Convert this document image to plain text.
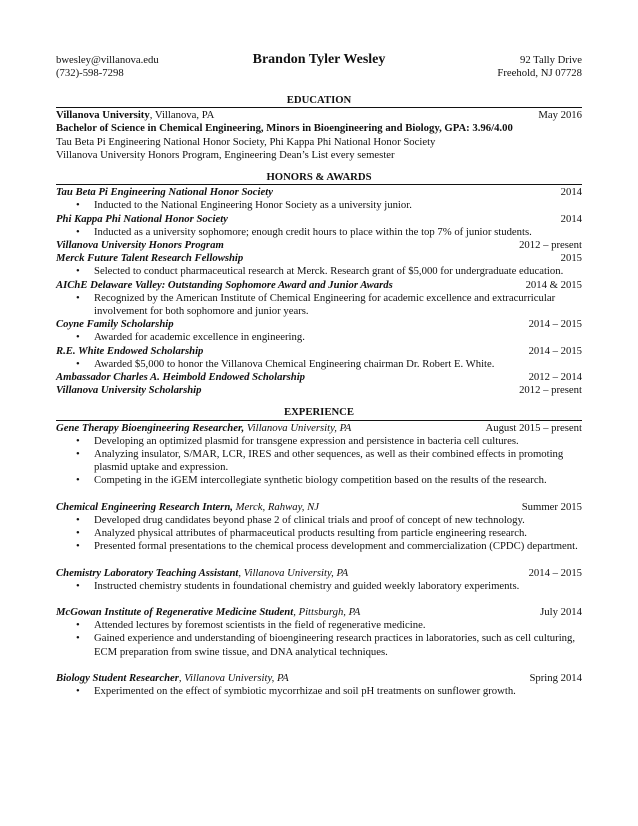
bwesley@villanova.edu
(732)-598-7298
Brandon Tyler Wesley	92 Tally Drive
Freehold, NJ 07728
EDUCATION
Villanova University, Villanova, PA	May 2016
Bachelor of Science in Chemical Engineering, Minors in Bioengineering and Biology, GPA: 3.96/4.00
Tau Beta Pi Engineering National Honor Society, Phi Kappa Phi National Honor Society
Villanova University Honors Program, Engineering Dean’s List every semester
HONORS & AWARDS
Tau Beta Pi Engineering National Honor Society	2014
• Inducted to the National Engineering Honor Society as a university junior.
Phi Kappa Phi National Honor Society	2014
• Inducted as a university sophomore; enough credit hours to place within the top 7% of junior students.
Villanova University Honors Program	2012 – present
Merck Future Talent Research Fellowship	2015
• Selected to conduct pharmaceutical research at Merck. Research grant of $5,000 for undergraduate education.
AIChE Delaware Valley: Outstanding Sophomore Award and Junior Awards	2014 & 2015
• Recognized by the American Institute of Chemical Engineering for academic excellence and extracurricular involvement for both sophomore and junior years.
Coyne Family Scholarship	2014 – 2015
• Awarded for academic excellence in engineering.
R.E. White Endowed Scholarship	2014 – 2015
• Awarded $5,000 to honor the Villanova Chemical Engineering chairman Dr. Robert E. White.
Ambassador Charles A. Heimbold Endowed Scholarship	2012 – 2014
Villanova University Scholarship	2012 – present
EXPERIENCE
Gene Therapy Bioengineering Researcher, Villanova University, PA	August 2015 – present
• Developing an optimized plasmid for transgene expression and persistence in bacteria cell cultures.
• Analyzing insulator, S/MAR, LCR, IRES and other sequences, as well as their combined effects in promoting plasmid uptake and expression.
• Competing in the iGEM intercollegiate synthetic biology competition based on the results of the research.
Chemical Engineering Research Intern, Merck, Rahway, NJ	Summer 2015
• Developed drug candidates beyond phase 2 of clinical trials and proof of concept of new technology.
• Analyzed physical attributes of pharmaceutical products resulting from particle engineering research.
• Presented formal presentations to the chemical process development and commercialization (CPDC) department.
Chemistry Laboratory Teaching Assistant, Villanova University, PA	2014 – 2015
• Instructed chemistry students in foundational chemistry and guided weekly laboratory experiments.
McGowan Institute of Regenerative Medicine Student, Pittsburgh, PA	July 2014
• Attended lectures by foremost scientists in the field of regenerative medicine.
• Gained experience and understanding of bioengineering research practices in laboratories, such as cell culturing, ECM preparation from swine tissue, and DNA analytical techniques.
Biology Student Researcher, Villanova University, PA	Spring 2014
• Experimented on the effect of symbiotic mycorrhizae and soil pH treatments on sunflower growth.
